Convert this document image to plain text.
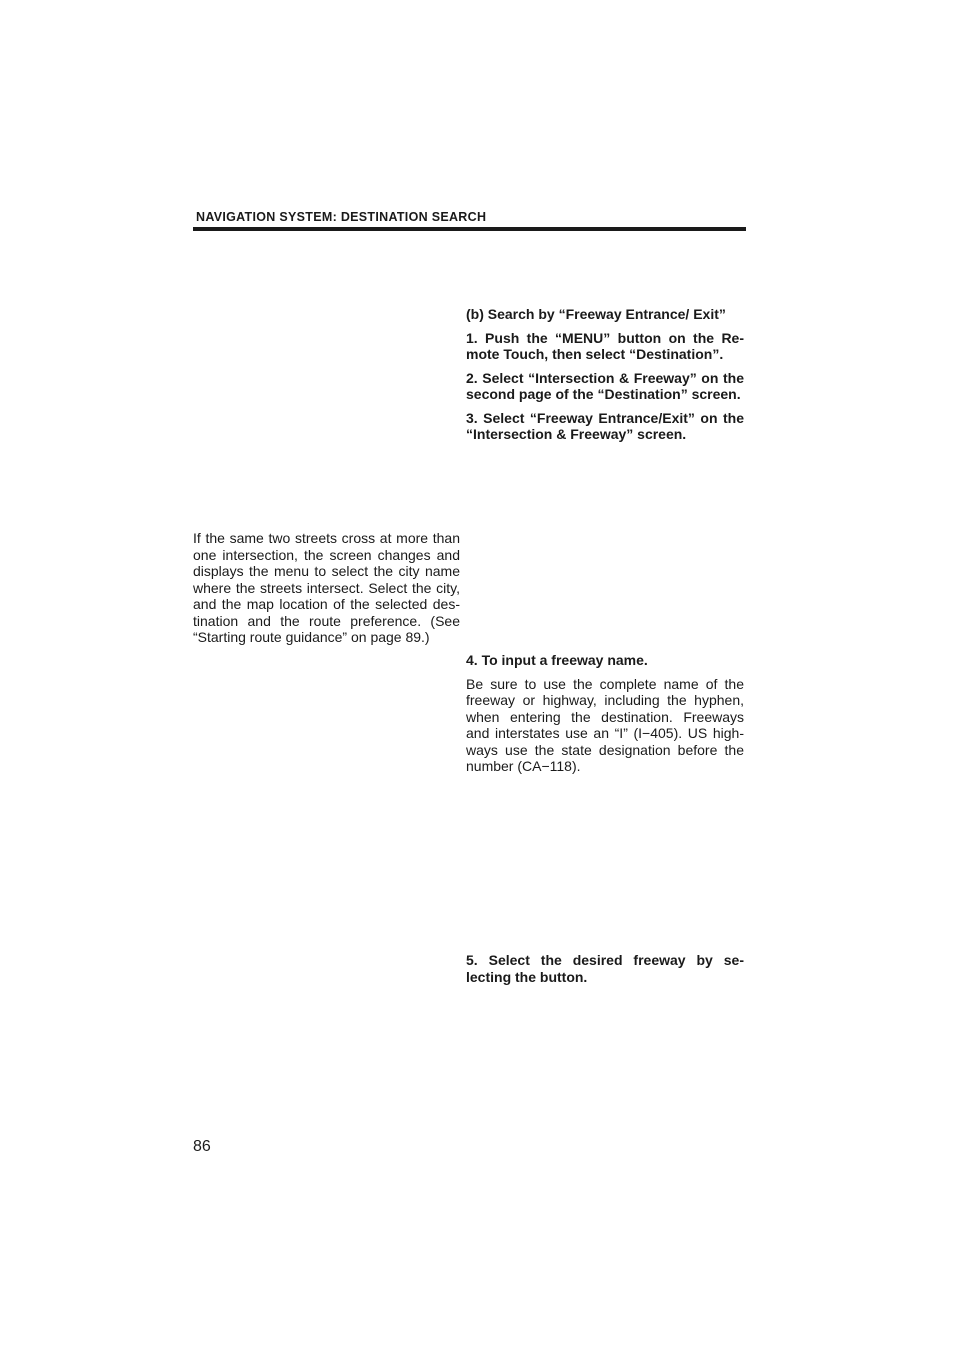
NAVIGATION SYSTEM: DESTINATION SEARCH

If the same two streets cross at more than one intersection, the screen changes and displays the menu to select the city name where the streets intersect. Select the city, and the map location of the selected des-tination and the route preference. (See “Starting route guidance” on page 89.)

(b) Search by “Freeway Entrance/ Exit”

1. Push the “MENU” button on the Re-mote Touch, then select “Destination”.

2. Select “Intersection & Freeway” on the second page of the “Destination” screen.

3. Select “Freeway Entrance/Exit” on the “Intersection & Freeway” screen.

4. To input a freeway name.

Be sure to use the complete name of the freeway or highway, including the hyphen, when entering the destination. Freeways and interstates use an “I” (I−405). US high-ways use the state designation before the number (CA−118).

5. Select the desired freeway by se-lecting the button.

86
